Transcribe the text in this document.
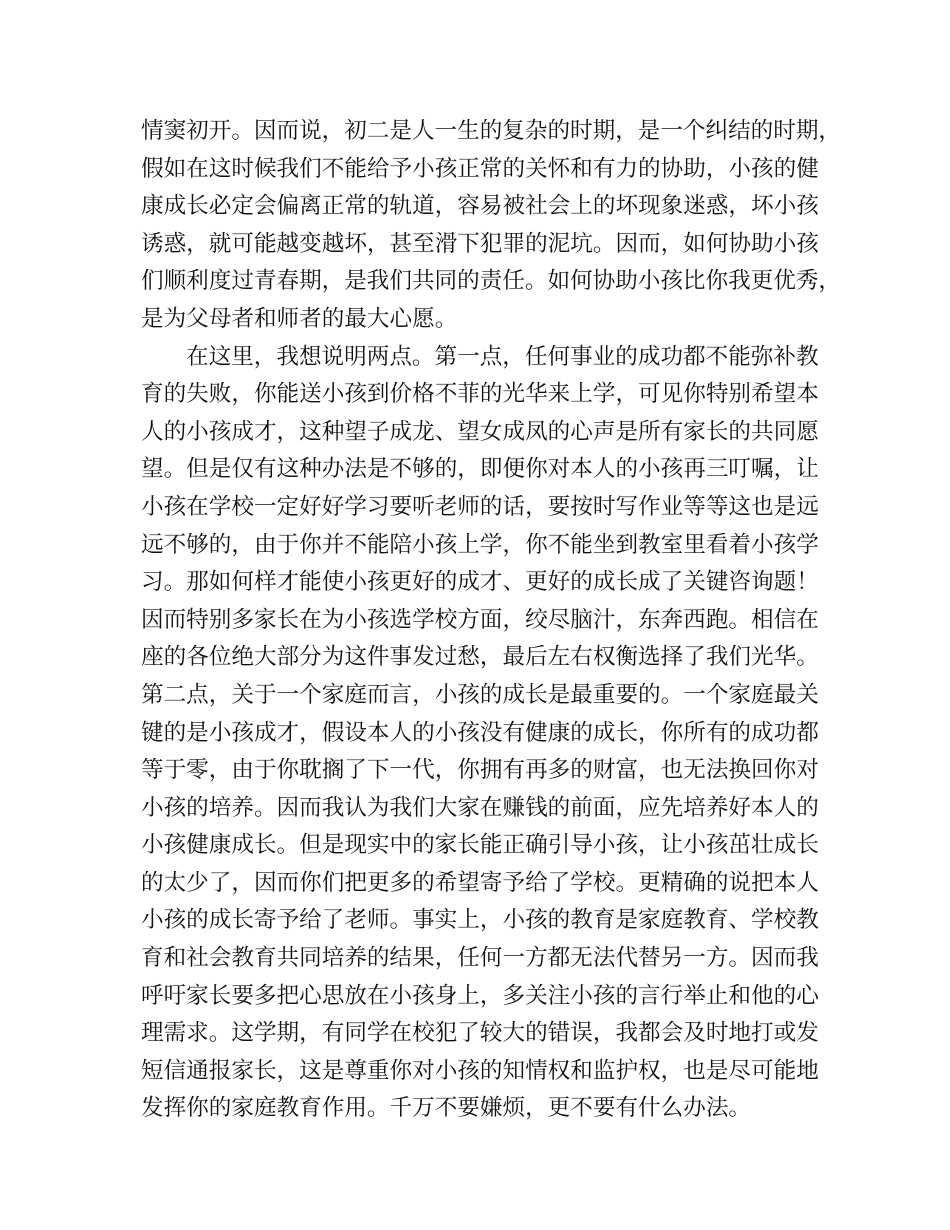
情窦初开。因而说，初二是人一生的复杂的时期，是一个纠结的时期，
假如在这时候我们不能给予小孩正常的关怀和有力的协助，小孩的健
康成长必定会偏离正常的轨道，容易被社会上的坏现象迷惑，坏小孩
诱惑，就可能越变越坏，甚至滑下犯罪的泥坑。因而，如何协助小孩
们顺利度过青春期，是我们共同的责任。如何协助小孩比你我更优秀，
是为父母者和师者的最大心愿。
在这里，我想说明两点。第一点，任何事业的成功都不能弥补教
育的失败，你能送小孩到价格不菲的光华来上学，可见你特别希望本
人的小孩成才，这种望子成龙、望女成凤的心声是所有家长的共同愿
望。但是仅有这种办法是不够的，即便你对本人的小孩再三叮嘱，让
小孩在学校一定好好学习要听老师的话，要按时写作业等等这也是远
远不够的，由于你并不能陪小孩上学，你不能坐到教室里看着小孩学
习。那如何样才能使小孩更好的成才、更好的成长成了关键咨询题！
因而特别多家长在为小孩选学校方面，绞尽脑汁，东奔西跑。相信在
座的各位绝大部分为这件事发过愁，最后左右权衡选择了我们光华。
第二点，关于一个家庭而言，小孩的成长是最重要的。一个家庭最关
键的是小孩成才，假设本人的小孩没有健康的成长，你所有的成功都
等于零，由于你耽搁了下一代，你拥有再多的财富，也无法换回你对
小孩的培养。因而我认为我们大家在赚钱的前面，应先培养好本人的
小孩健康成长。但是现实中的家长能正确引导小孩，让小孩茁壮成长
的太少了，因而你们把更多的希望寄予给了学校。更精确的说把本人
小孩的成长寄予给了老师。事实上，小孩的教育是家庭教育、学校教
育和社会教育共同培养的结果，任何一方都无法代替另一方。因而我
呼吁家长要多把心思放在小孩身上，多关注小孩的言行举止和他的心
理需求。这学期，有同学在校犯了较大的错误，我都会及时地打或发
短信通报家长，这是尊重你对小孩的知情权和监护权，也是尽可能地
发挥你的家庭教育作用。千万不要嫌烦，更不要有什么办法。
